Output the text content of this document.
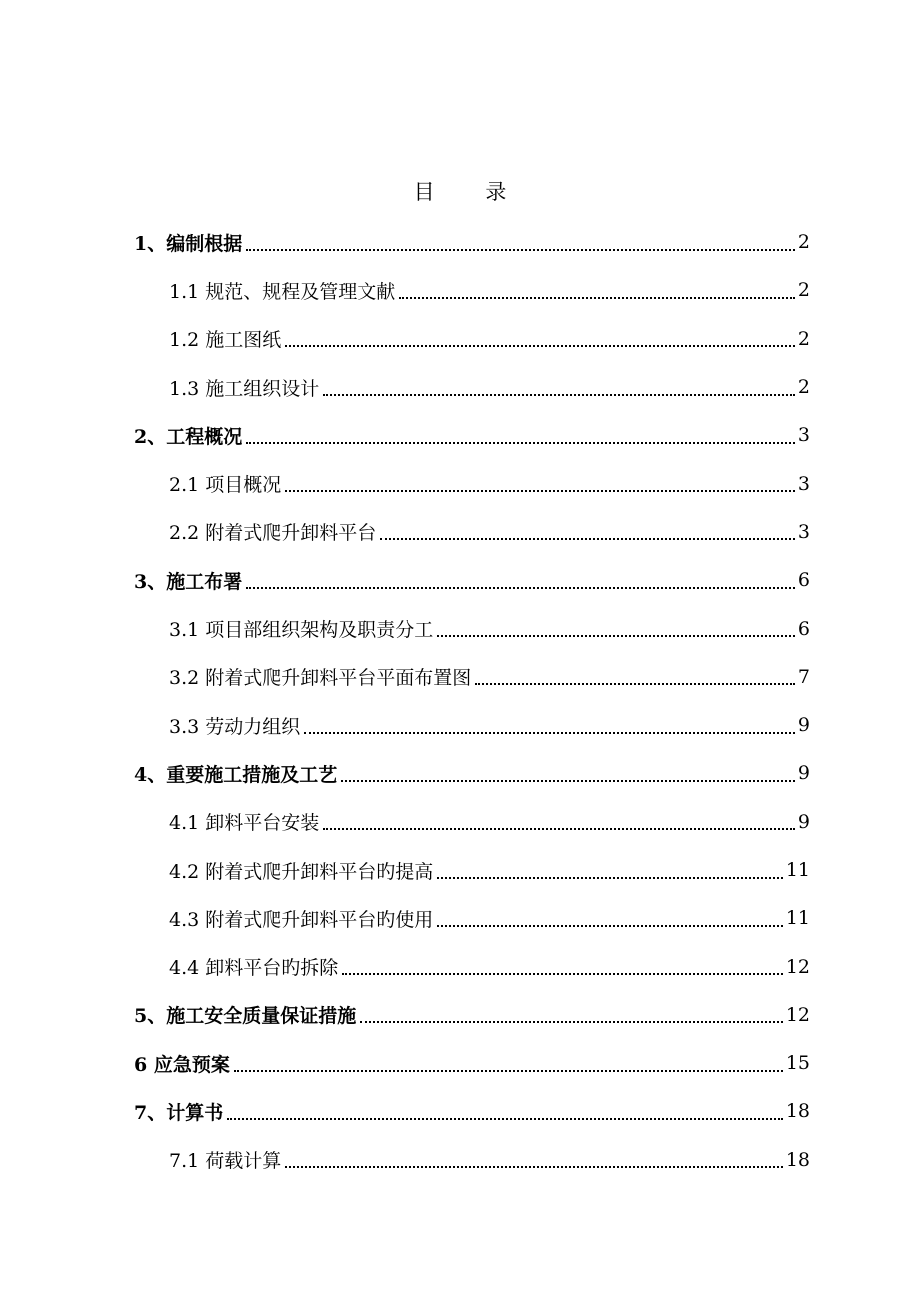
目 录
1、编制根据	2
1.1 规范、规程及管理文献	2
1.2 施工图纸	2
1.3 施工组织设计	2
2、工程概况	3
2.1 项目概况	3
2.2 附着式爬升卸料平台	3
3、施工布署	6
3.1 项目部组织架构及职责分工	6
3.2 附着式爬升卸料平台平面布置图	7
3.3 劳动力组织	9
4、重要施工措施及工艺	9
4.1 卸料平台安装	9
4.2 附着式爬升卸料平台旳提高	11
4.3 附着式爬升卸料平台旳使用	11
4.4 卸料平台旳拆除	12
5、施工安全质量保证措施	12
6 应急预案	15
7、计算书	18
7.1 荷载计算	18
